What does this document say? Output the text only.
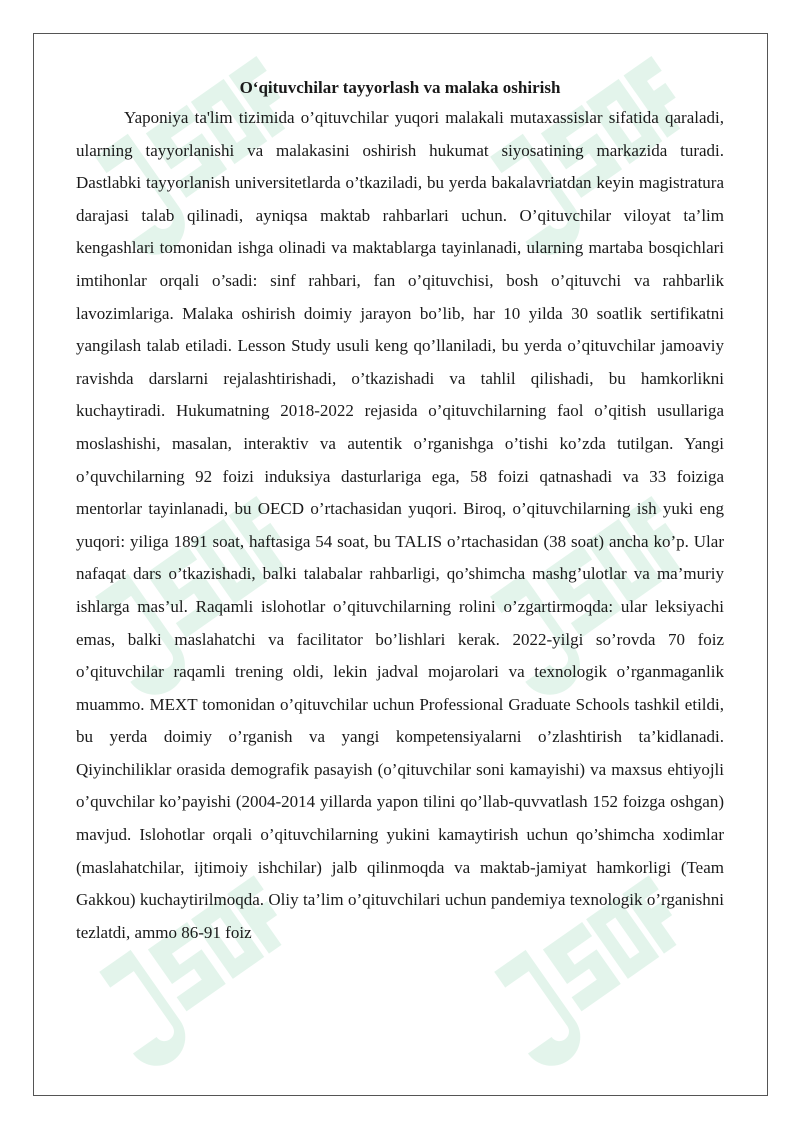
O‘qituvchilar tayyorlash va malaka oshirish

Yaponiya ta'lim tizimida o’qituvchilar yuqori malakali mutaxassislar sifatida qaraladi, ularning tayyorlanishi va malakasini oshirish hukumat siyosatining markazida turadi. Dastlabki tayyorlanish universitetlarda o’tkaziladi, bu yerda bakalavriatdan keyin magistratura darajasi talab qilinadi, ayniqsa maktab rahbarlari uchun. O’qituvchilar viloyat ta’lim kengashlari tomonidan ishga olinadi va maktablarga tayinlanadi, ularning martaba bosqichlari imtihonlar orqali o’sadi: sinf rahbari, fan o’qituvchisi, bosh o’qituvchi va rahbarlik lavozimlariga. Malaka oshirish doimiy jarayon bo’lib, har 10 yilda 30 soatlik sertifikatni yangilash talab etiladi. Lesson Study usuli keng qo’llaniladi, bu yerda o’qituvchilar jamoaviy ravishda darslarni rejalashtirishadi, o’tkazishadi va tahlil qilishadi, bu hamkorlikni kuchaytiradi. Hukumatning 2018-2022 rejasida o’qituvchilarning faol o’qitish usullariga moslashishi, masalan, interaktiv va autentik o’rganishga o’tishi ko’zda tutilgan. Yangi o’quvchilarning 92 foizi induksiya dasturlariga ega, 58 foizi qatnashadi va 33 foiziga mentorlar tayinlanadi, bu OECD o’rtachasidan yuqori. Biroq, o’qituvchilarning ish yuki eng yuqori: yiliga 1891 soat, haftasiga 54 soat, bu TALIS o’rtachasidan (38 soat) ancha ko’p. Ular nafaqat dars o’tkazishadi, balki talabalar rahbarligi, qo’shimcha mashg’ulotlar va ma’muriy ishlarga mas’ul. Raqamli islohotlar o’qituvchilarning rolini o’zgartirmoqda: ular leksiyachi emas, balki maslahatchi va facilitator bo’lishlari kerak. 2022-yilgi so’rovda 70 foiz o’qituvchilar raqamli trening oldi, lekin jadval mojarolari va texnologik o’rganmaganlik muammo. MEXT tomonidan o’qituvchilar uchun Professional Graduate Schools tashkil etildi, bu yerda doimiy o’rganish va yangi kompetensiyalarni o’zlashtirish ta’kidlanadi. Qiyinchiliklar orasida demografik pasayish (o’qituvchilar soni kamayishi) va maxsus ehtiyojli o’quvchilar ko’payishi (2004-2014 yillarda yapon tilini qo’llab-quvvatlash 152 foizga oshgan) mavjud. Islohotlar orqali o’qituvchilarning yukini kamaytirish uchun qo’shimcha xodimlar (maslahatchilar, ijtimoiy ishchilar) jalb qilinmoqda va maktab-jamiyat hamkorligi (Team Gakkou) kuchaytirilmoqda. Oliy ta’lim o’qituvchilari uchun pandemiya texnologik o’rganishni tezlatdi, ammo 86-91 foiz
